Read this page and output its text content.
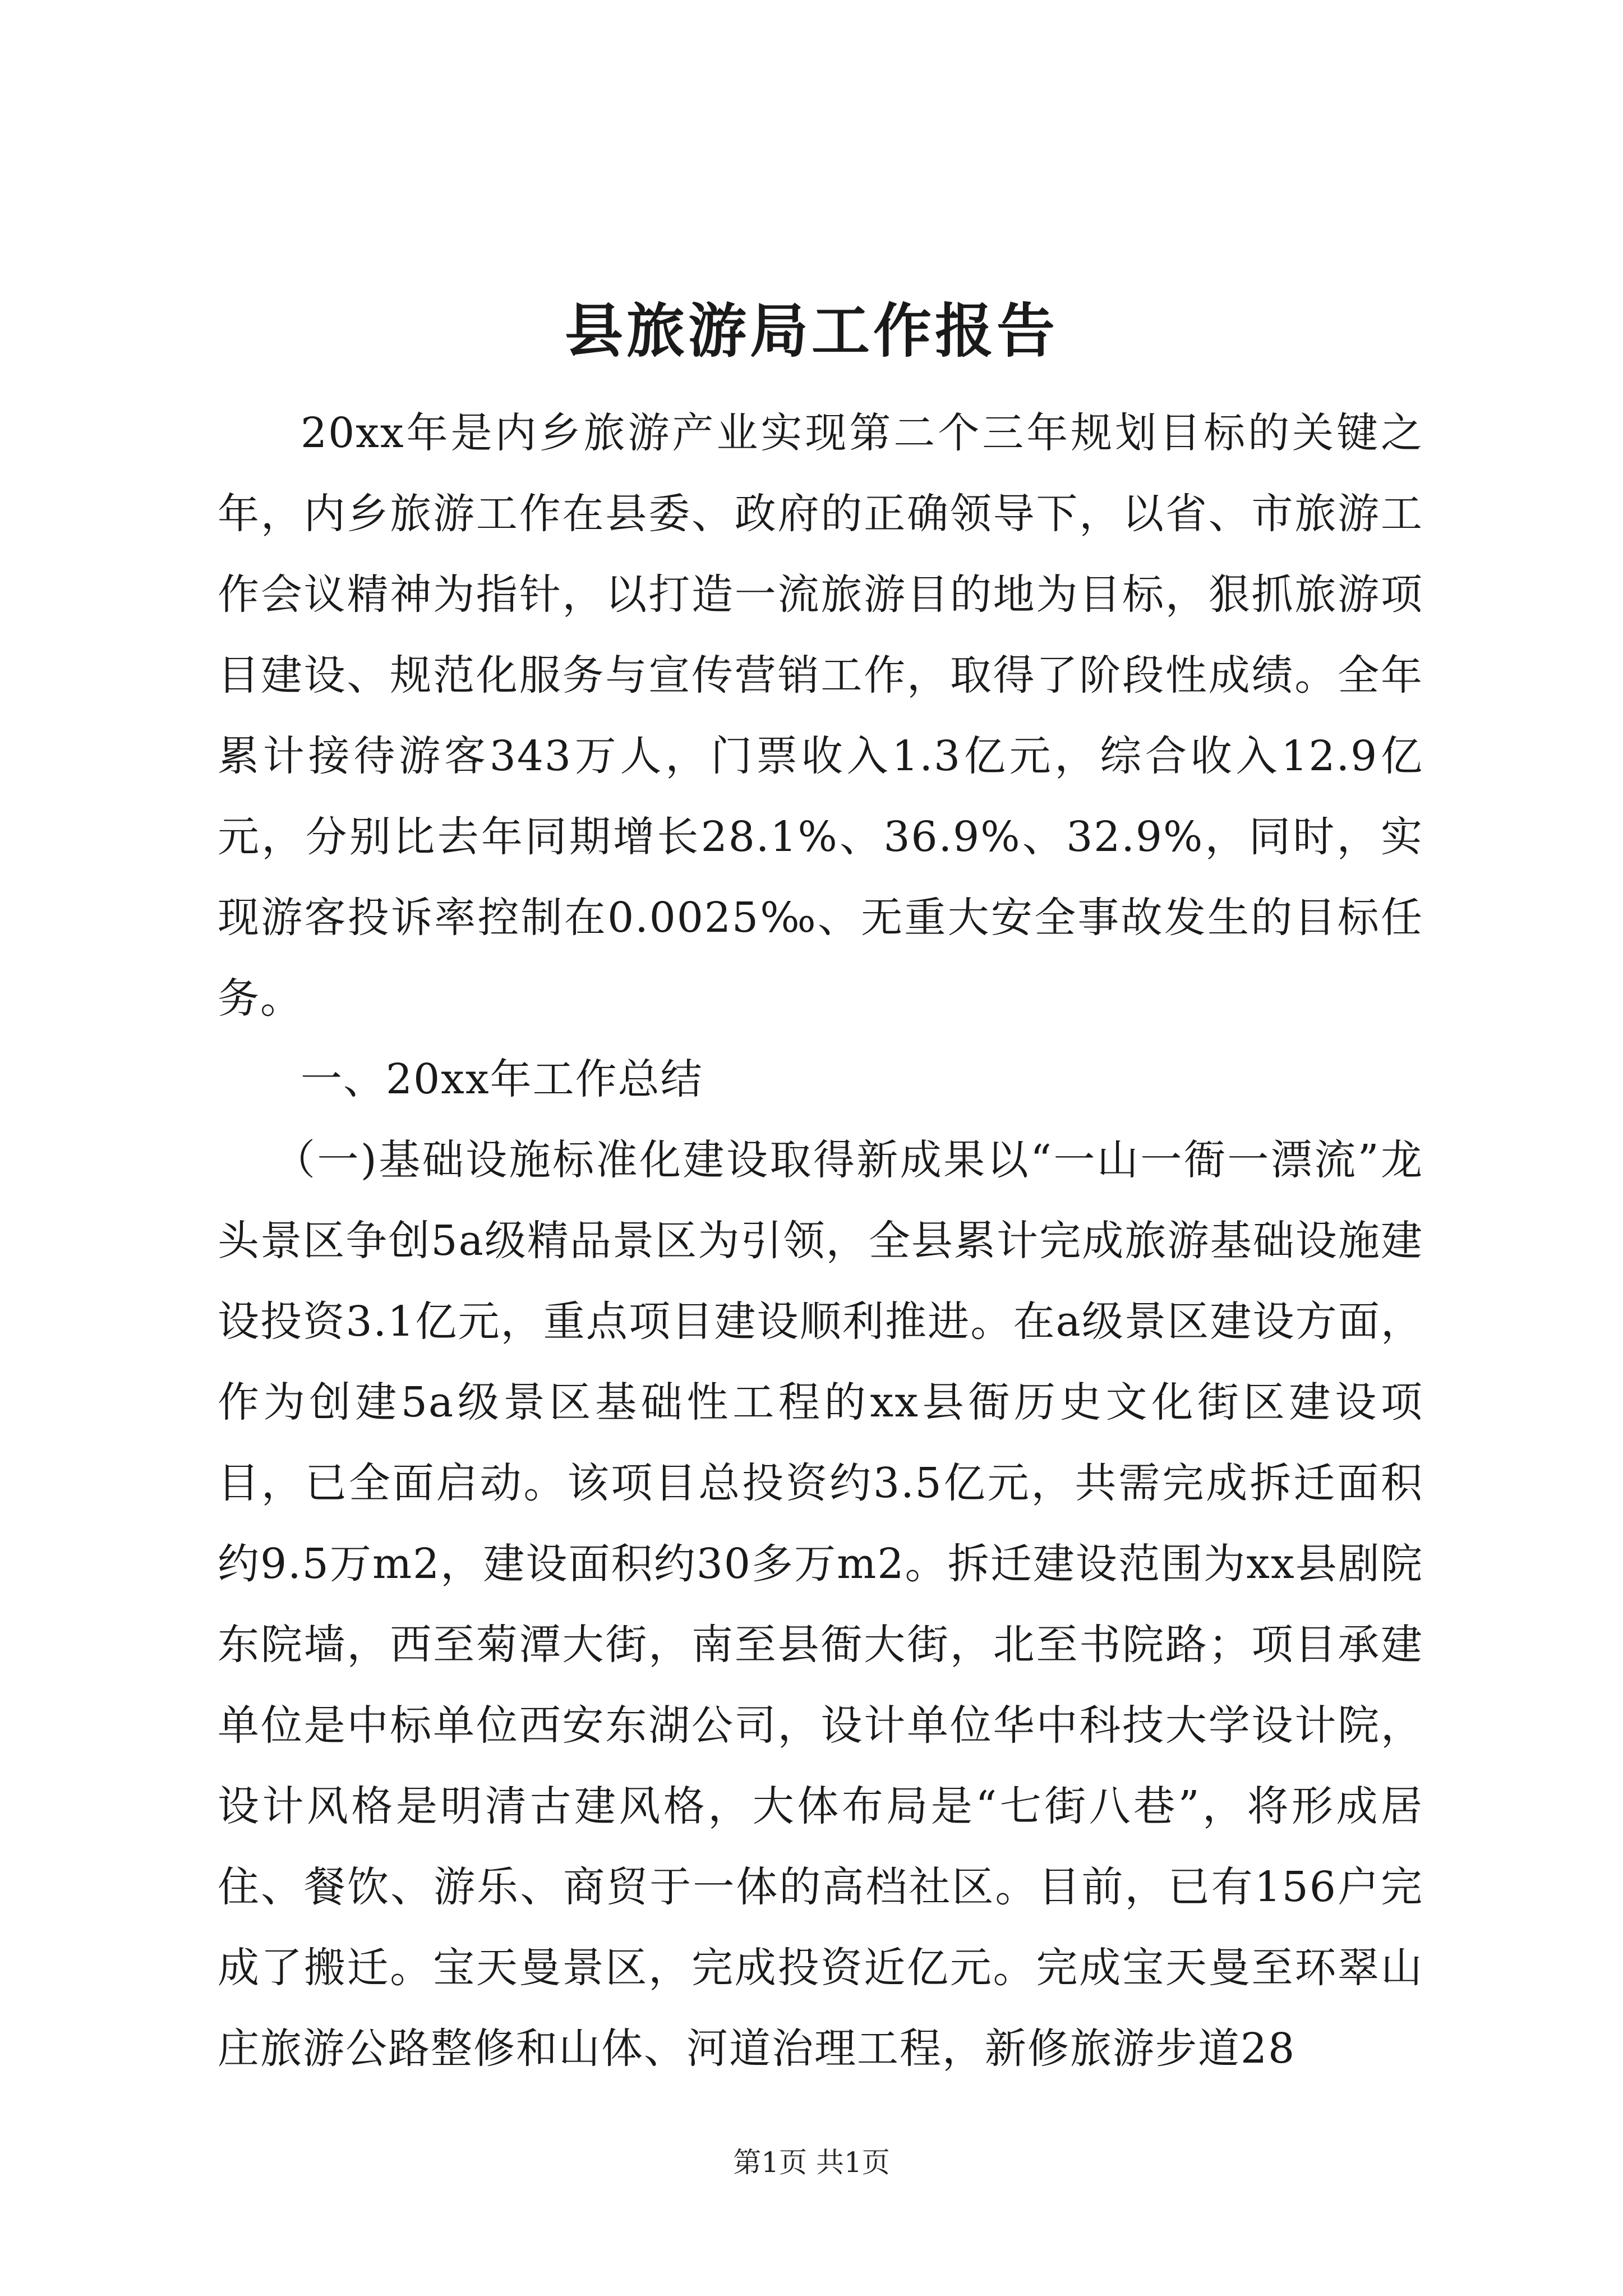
县旅游局工作报告

20xx年是内乡旅游产业实现第二个三年规划目标的关键之年，内乡旅游工作在县委、政府的正确领导下，以省、市旅游工作会议精神为指针，以打造一流旅游目的地为目标，狠抓旅游项目建设、规范化服务与宣传营销工作，取得了阶段性成绩。全年累计接待游客343万人，门票收入1.3亿元，综合收入12.9亿元，分别比去年同期增长28.1%、36.9%、32.9%，同时，实现游客投诉率控制在0.0025‰、无重大安全事故发生的目标任务。

一、20xx年工作总结

（一)基础设施标准化建设取得新成果以“一山一衙一漂流”龙头景区争创5a级精品景区为引领，全县累计完成旅游基础设施建设投资3.1亿元，重点项目建设顺利推进。在a级景区建设方面，作为创建5a级景区基础性工程的xx县衙历史文化街区建设项目，已全面启动。该项目总投资约3.5亿元，共需完成拆迁面积约9.5万m2，建设面积约30多万m2。拆迁建设范围为xx县剧院东院墙，西至菊潭大街，南至县衙大街，北至书院路；项目承建单位是中标单位西安东湖公司，设计单位华中科技大学设计院，设计风格是明清古建风格，大体布局是“七街八巷”，将形成居住、餐饮、游乐、商贸于一体的高档社区。目前，已有156户完成了搬迁。宝天曼景区，完成投资近亿元。完成宝天曼至环翠山庄旅游公路整修和山体、河道治理工程，新修旅游步道28

第1页 共1页
